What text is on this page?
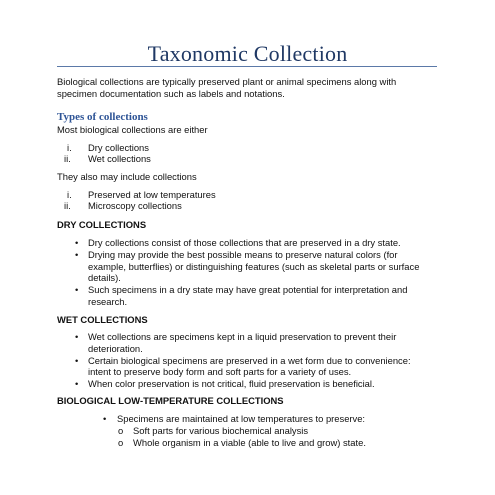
Taxonomic Collection
Biological collections are typically preserved plant or animal specimens along with
specimen documentation such as labels and notations.
Types of collections
Most biological collections are either
i. Dry collections
ii. Wet collections
They also may include collections
i. Preserved at low temperatures
ii. Microscopy collections
DRY COLLECTIONS
• Dry collections consist of those collections that are preserved in a dry state.
• Drying may provide the best possible means to preserve natural colors (for
example, butterflies) or distinguishing features (such as skeletal parts or surface
details).
• Such specimens in a dry state may have great potential for interpretation and
research.
WET COLLECTIONS
• Wet collections are specimens kept in a liquid preservation to prevent their
deterioration.
• Certain biological specimens are preserved in a wet form due to convenience:
intent to preserve body form and soft parts for a variety of uses.
• When color preservation is not critical, fluid preservation is beneficial.
BIOLOGICAL LOW-TEMPERATURE COLLECTIONS
• Specimens are maintained at low temperatures to preserve:
o Soft parts for various biochemical analysis
o Whole organism in a viable (able to live and grow) state.
